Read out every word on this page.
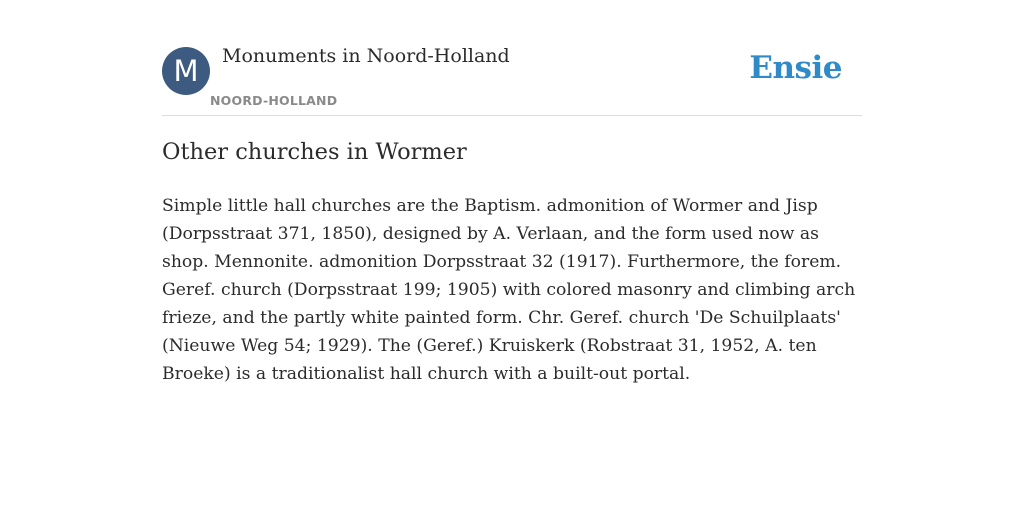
M	Monuments in Noord-Holland
NOORD-HOLLAND
Ensie
Other churches in Wormer

Simple little hall churches are the Baptism. admonition of Wormer and Jisp (Dorpsstraat 371, 1850), designed by A. Verlaan, and the form used now as shop. Mennonite. admonition Dorpsstraat 32 (1917). Furthermore, the forem. Geref. church (Dorpsstraat 199; 1905) with colored masonry and climbing arch frieze, and the partly white painted form. Chr. Geref. church 'De Schuilplaats' (Nieuwe Weg 54; 1929). The (Geref.) Kruiskerk (Robstraat 31, 1952, A. ten Broeke) is a traditionalist hall church with a built-out portal.
